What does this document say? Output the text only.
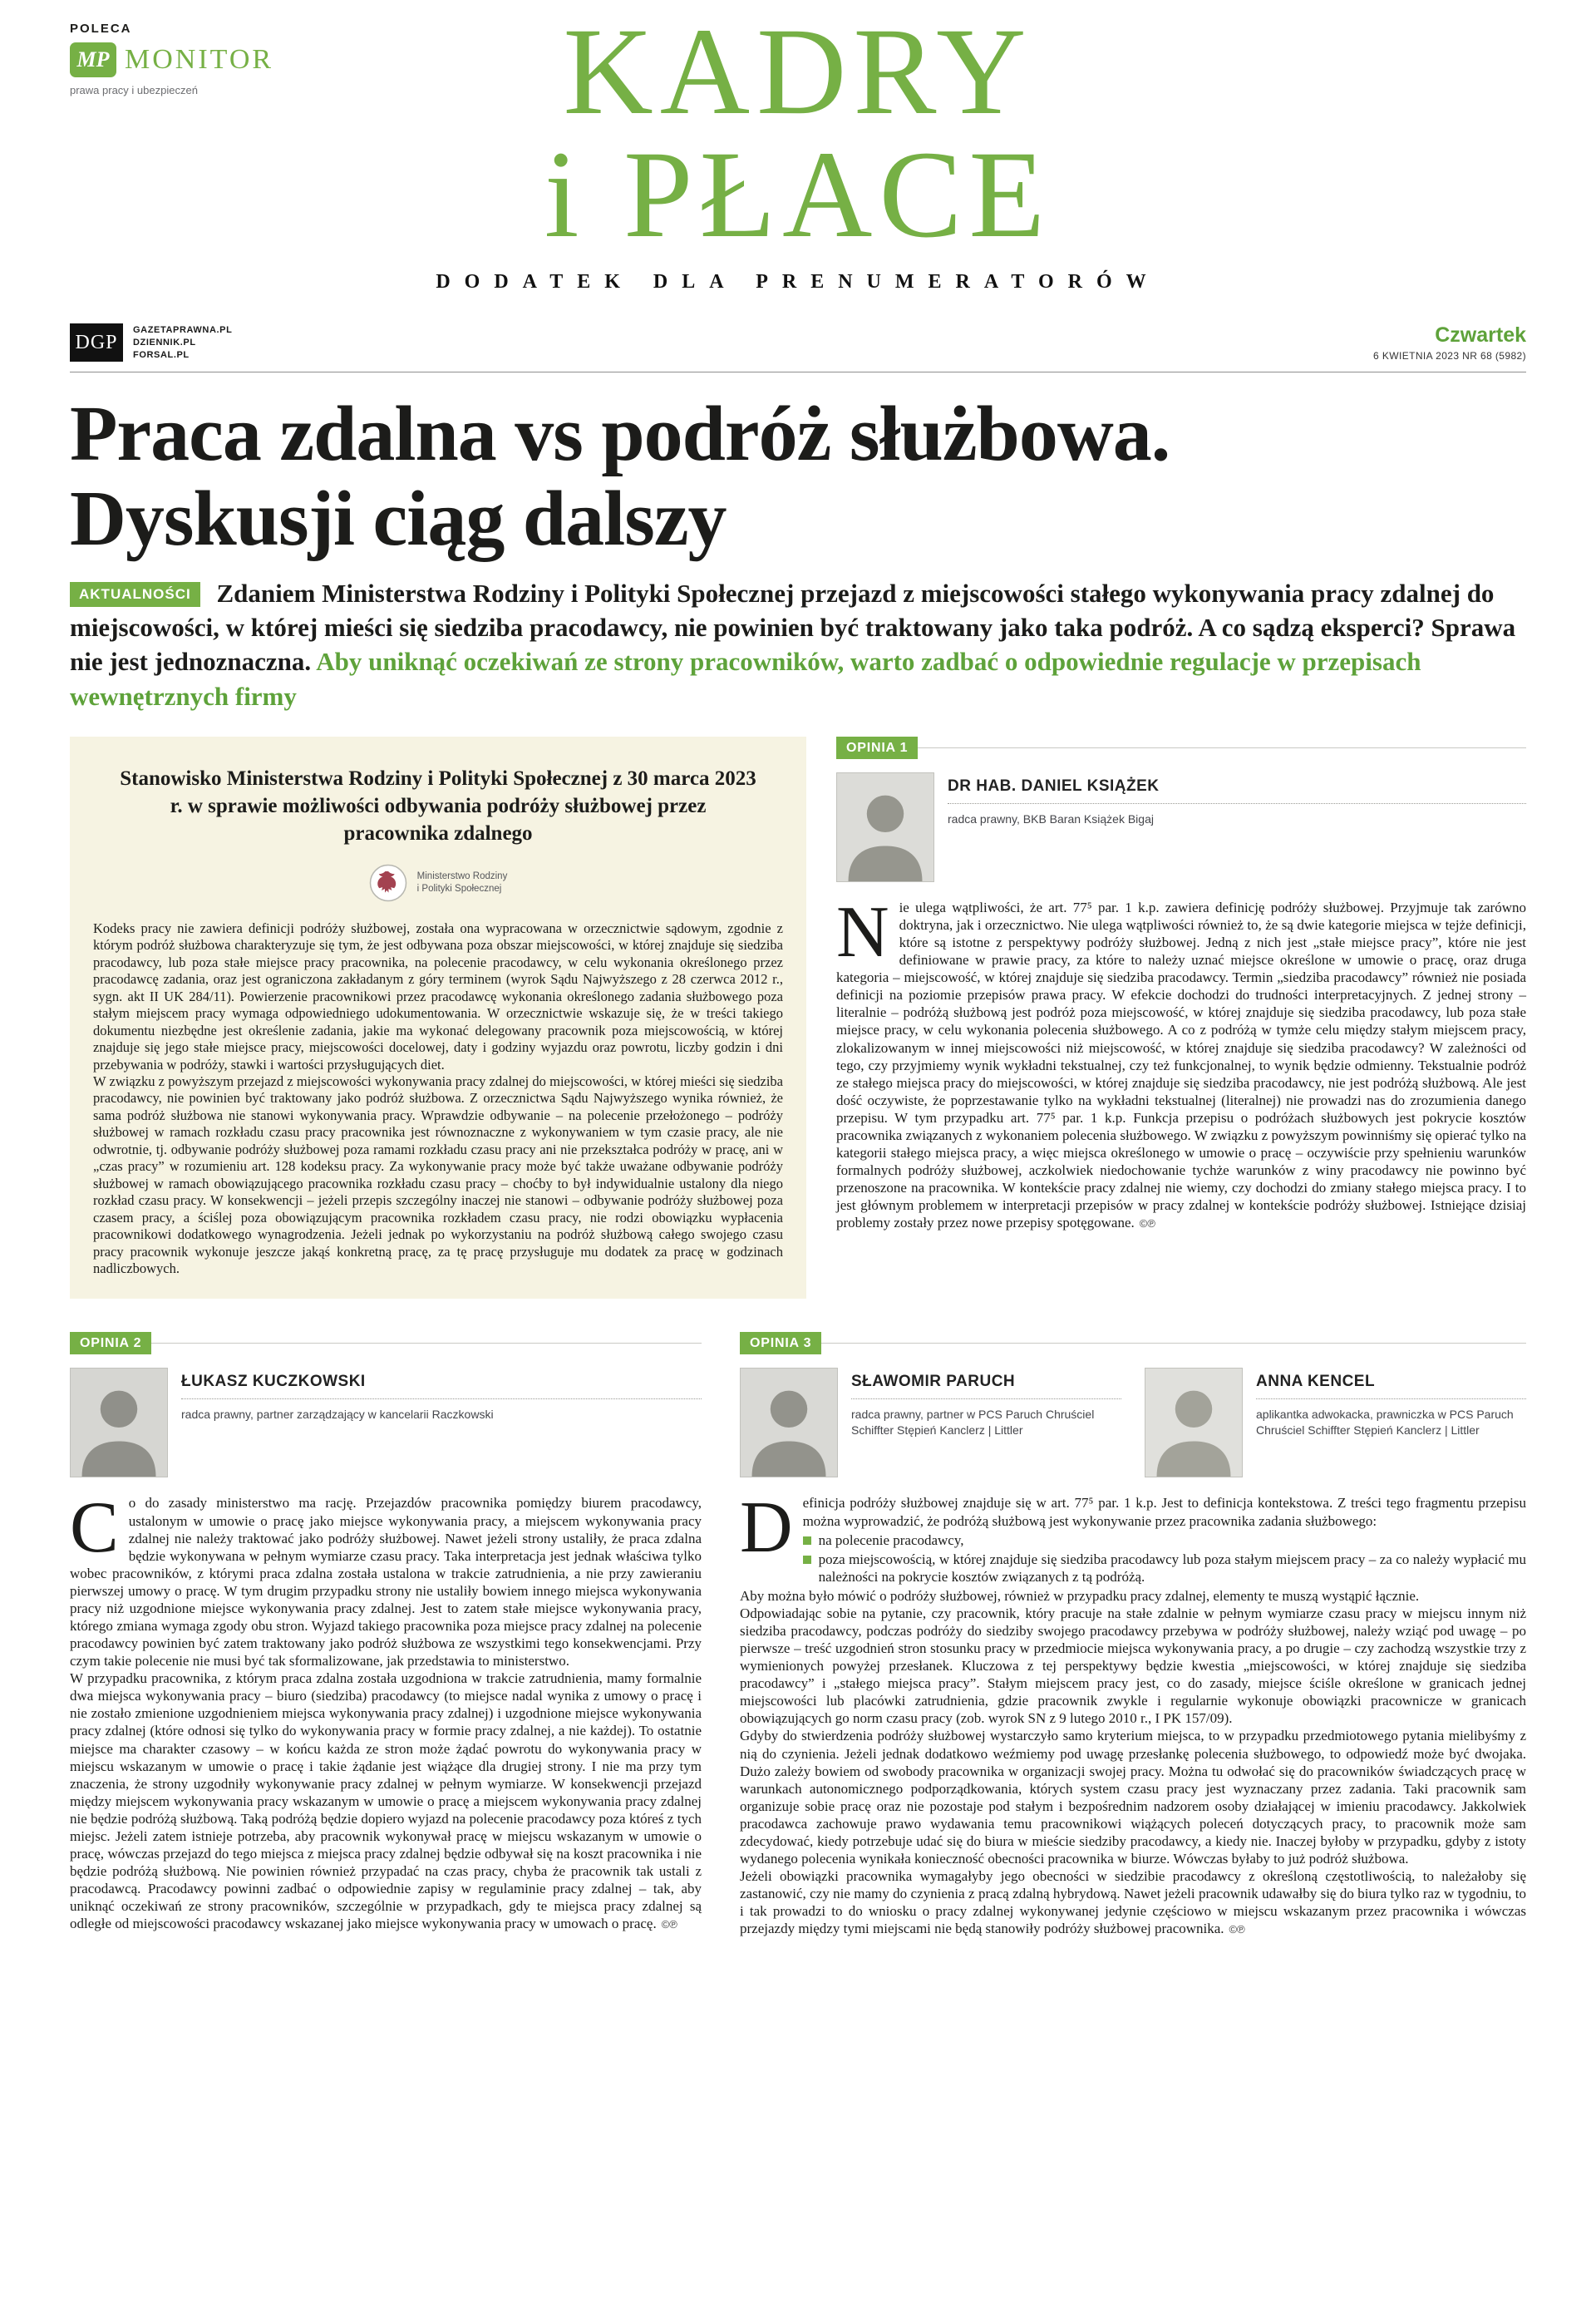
POLECA
MP MONITOR
prawa pracy i ubezpieczeń	KADRY
i PŁACE
DODATEK DLA PRENUMERATORÓW
DGP
GAZETAPRAWNA.PL
DZIENNIK.PL
FORSAL.PL
Czwartek
6 KWIETNIA 2023 NR 68 (5982)
Praca zdalna vs podróż służbowa.
Dyskusji ciąg dalszy

AKTUALNOŚCI Zdaniem Ministerstwa Rodziny i Polityki Społecznej przejazd z miejscowości stałego wykonywania pracy zdalnej do miejscowości, w której mieści się siedziba pracodawcy, nie powinien być traktowany jako taka podróż. A co sądzą eksperci? Sprawa nie jest jednoznaczna. Aby uniknąć oczekiwań ze strony pracowników, warto zadbać o odpowiednie regulacje w przepisach wewnętrznych firmy

Stanowisko Ministerstwa Rodziny i Polityki Społecznej z 30 marca 2023 r. w sprawie możliwości odbywania podróży służbowej przez pracownika zdalnego
Ministerstwo Rodziny
i Polityki Społecznej

Kodeks pracy nie zawiera definicji podróży służbowej, została ona wypracowana w orzecznictwie sądowym, zgodnie z którym podróż służbowa charakteryzuje się tym, że jest odbywana poza obszar miejscowości, w której znajduje się siedziba pracodawcy, lub poza stałe miejsce pracy pracownika, na polecenie pracodawcy, w celu wykonania określonego przez pracodawcę zadania, oraz jest ograniczona zakładanym z góry terminem (wyrok Sądu Najwyższego z 28 czerwca 2012 r., sygn. akt II UK 284/11). Powierzenie pracownikowi przez pracodawcę wykonania określonego zadania służbowego poza stałym miejscem pracy wymaga odpowiedniego udokumentowania. W orzecznictwie wskazuje się, że w treści takiego dokumentu niezbędne jest określenie zadania, jakie ma wykonać delegowany pracownik poza miejscowością, w której znajduje się jego stałe miejsce pracy, miejscowości docelowej, daty i godziny wyjazdu oraz powrotu, liczby godzin i dni przebywania w podróży, stawki i wartości przysługujących diet.

W związku z powyższym przejazd z miejscowości wykonywania pracy zdalnej do miejscowości, w której mieści się siedziba pracodawcy, nie powinien być traktowany jako podróż służbowa. Z orzecznictwa Sądu Najwyższego wynika również, że sama podróż służbowa nie stanowi wykonywania pracy. Wprawdzie odbywanie – na polecenie przełożonego – podróży służbowej w ramach rozkładu czasu pracy pracownika jest równoznaczne z wykonywaniem w tym czasie pracy, ale nie odwrotnie, tj. odbywanie podróży służbowej poza ramami rozkładu czasu pracy ani nie przekształca podróży w pracę, ani w „czas pracy” w rozumieniu art. 128 kodeksu pracy. Za wykonywanie pracy może być także uważane odbywanie podróży służbowej w ramach obowiązującego pracownika rozkładu czasu pracy – choćby to był indywidualnie ustalony dla niego rozkład czasu pracy. W konsekwencji – jeżeli przepis szczególny inaczej nie stanowi – odbywanie podróży służbowej poza czasem pracy, a ściślej poza obowiązującym pracownika rozkładem czasu pracy, nie rodzi obowiązku wypłacenia pracownikowi dodatkowego wynagrodzenia. Jeżeli jednak po wykorzystaniu na podróż służbową całego swojego czasu pracy pracownik wykonuje jeszcze jakąś konkretną pracę, za tę pracę przysługuje mu dodatek za pracę w godzinach nadliczbowych.

OPINIA 1
DR HAB. DANIEL KSIĄŻEK
radca prawny, BKB Baran Książek Bigaj

Nie ulega wątpliwości, że art. 77⁵ par. 1 k.p. zawiera definicję podróży służbowej. Przyjmuje tak zarówno doktryna, jak i orzecznictwo. Nie ulega wątpliwości również to, że są dwie kategorie miejsca w tejże definicji, które są istotne z perspektywy podróży służbowej. Jedną z nich jest „stałe miejsce pracy”, które nie jest definiowane w prawie pracy, za które to należy uznać miejsce określone w umowie o pracę, oraz druga kategoria – miejscowość, w której znajduje się siedziba pracodawcy. Termin „siedziba pracodawcy” również nie posiada definicji na poziomie przepisów prawa pracy. W efekcie dochodzi do trudności interpretacyjnych. Z jednej strony – literalnie – podróżą służbową jest podróż poza miejscowość, w której znajduje się siedziba pracodawcy, lub poza stałe miejsce pracy, w celu wykonania polecenia służbowego. A co z podróżą w tymże celu między stałym miejscem pracy, zlokalizowanym w innej miejscowości niż miejscowość, w której znajduje się siedziba pracodawcy? W zależności od tego, czy przyjmiemy wynik wykładni tekstualnej, czy też funkcjonalnej, to wynik będzie odmienny. Tekstualnie podróż ze stałego miejsca pracy do miejscowości, w której znajduje się siedziba pracodawcy, nie jest podróżą służbową. Ale jest dość oczywiste, że poprzestawanie tylko na wykładni tekstualnej (literalnej) nie prowadzi nas do zrozumienia danego przepisu. W tym przypadku art. 77⁵ par. 1 k.p. Funkcja przepisu o podróżach służbowych jest pokrycie kosztów pracownika związanych z wykonaniem polecenia służbowego. W związku z powyższym powinniśmy się opierać tylko na kategorii stałego miejsca pracy, a więc miejsca określonego w umowie o pracę – oczywiście przy spełnieniu warunków formalnych podróży służbowej, aczkolwiek niedochowanie tychże warunków z winy pracodawcy nie powinno być przenoszone na pracownika. W kontekście pracy zdalnej nie wiemy, czy dochodzi do zmiany stałego miejsca pracy. I to jest głównym problemem w interpretacji przepisów w pracy zdalnej w kontekście podróży służbowej. Istniejące dzisiaj problemy zostały przez nowe przepisy spotęgowane. ©℗

OPINIA 2
ŁUKASZ KUCZKOWSKI
radca prawny, partner zarządzający w kancelarii Raczkowski

Co do zasady ministerstwo ma rację. Przejazdów pracownika pomiędzy biurem pracodawcy, ustalonym w umowie o pracę jako miejsce wykonywania pracy, a miejscem wykonywania pracy zdalnej nie należy traktować jako podróży służbowej. Nawet jeżeli strony ustaliły, że praca zdalna będzie wykonywana w pełnym wymiarze czasu pracy. Taka interpretacja jest jednak właściwa tylko wobec pracowników, z którymi praca zdalna została ustalona w trakcie zatrudnienia, a nie przy zawieraniu pierwszej umowy o pracę. W tym drugim przypadku strony nie ustaliły bowiem innego miejsca wykonywania pracy niż uzgodnione miejsce wykonywania pracy zdalnej. Jest to zatem stałe miejsce wykonywania pracy, którego zmiana wymaga zgody obu stron. Wyjazd takiego pracownika poza miejsce pracy zdalnej na polecenie pracodawcy powinien być zatem traktowany jako podróż służbowa ze wszystkimi tego konsekwencjami. Przy czym takie polecenie nie musi być tak sformalizowane, jak przedstawia to ministerstwo.

W przypadku pracownika, z którym praca zdalna została uzgodniona w trakcie zatrudnienia, mamy formalnie dwa miejsca wykonywania pracy – biuro (siedziba) pracodawcy (to miejsce nadal wynika z umowy o pracę i nie zostało zmienione uzgodnieniem miejsca wykonywania pracy zdalnej) i uzgodnione miejsce wykonywania pracy zdalnej (które odnosi się tylko do wykonywania pracy w formie pracy zdalnej, a nie każdej). To ostatnie miejsce ma charakter czasowy – w końcu każda ze stron może żądać powrotu do wykonywania pracy w miejscu wskazanym w umowie o pracę i takie żądanie jest wiążące dla drugiej strony. I nie ma przy tym znaczenia, że strony uzgodniły wykonywanie pracy zdalnej w pełnym wymiarze. W konsekwencji przejazd między miejscem wykonywania pracy wskazanym w umowie o pracę a miejscem wykonywania pracy zdalnej nie będzie podróżą służbową. Taką podróżą będzie dopiero wyjazd na polecenie pracodawcy poza któreś z tych miejsc. Jeżeli zatem istnieje potrzeba, aby pracownik wykonywał pracę w miejscu wskazanym w umowie o pracę, wówczas przejazd do tego miejsca z miejsca pracy zdalnej będzie odbywał się na koszt pracownika i nie będzie podróżą służbową. Nie powinien również przypadać na czas pracy, chyba że pracownik tak ustali z pracodawcą. Pracodawcy powinni zadbać o odpowiednie zapisy w regulaminie pracy zdalnej – tak, aby uniknąć oczekiwań ze strony pracowników, szczególnie w przypadkach, gdy te miejsca pracy zdalnej są odległe od miejscowości pracodawcy wskazanej jako miejsce wykonywania pracy w umowach o pracę. ©℗

OPINIA 3
SŁAWOMIR PARUCH
radca prawny, partner w PCS Paruch Chruściel Schiffter Stępień Kanclerz | Littler
ANNA KENCEL
aplikantka adwokacka, prawniczka w PCS Paruch Chruściel Schiffter Stępień Kanclerz | Littler

Definicja podróży służbowej znajduje się w art. 77⁵ par. 1 k.p. Jest to definicja kontekstowa. Z treści tego fragmentu przepisu można wyprowadzić, że podróżą służbową jest wykonywanie przez pracownika zadania służbowego:

na polecenie pracodawcy,
poza miejscowością, w której znajduje się siedziba pracodawcy lub poza stałym miejscem pracy – za co należy wypłacić mu należności na pokrycie kosztów związanych z tą podróżą.

Aby można było mówić o podróży służbowej, również w przypadku pracy zdalnej, elementy te muszą wystąpić łącznie.

Odpowiadając sobie na pytanie, czy pracownik, który pracuje na stałe zdalnie w pełnym wymiarze czasu pracy w miejscu innym niż siedziba pracodawcy, podczas podróży do siedziby swojego pracodawcy przebywa w podróży służbowej, należy wziąć pod uwagę – po pierwsze – treść uzgodnień stron stosunku pracy w przedmiocie miejsca wykonywania pracy, a po drugie – czy zachodzą wszystkie trzy z wymienionych powyżej przesłanek. Kluczowa z tej perspektywy będzie kwestia „miejscowości, w której znajduje się siedziba pracodawcy” i „stałego miejsca pracy”. Stałym miejscem pracy jest, co do zasady, miejsce ściśle określone w granicach jednej miejscowości lub placówki zatrudnienia, gdzie pracownik zwykle i regularnie wykonuje obowiązki pracownicze w granicach obowiązujących go norm czasu pracy (zob. wyrok SN z 9 lutego 2010 r., I PK 157/09).

Gdyby do stwierdzenia podróży służbowej wystarczyło samo kryterium miejsca, to w przypadku przedmiotowego pytania mielibyśmy z nią do czynienia. Jeżeli jednak dodatkowo weźmiemy pod uwagę przesłankę polecenia służbowego, to odpowiedź może być dwojaka. Dużo zależy bowiem od swobody pracownika w organizacji swojej pracy. Można tu odwołać się do pracowników świadczących pracę w warunkach autonomicznego podporządkowania, których system czasu pracy jest wyznaczany przez zadania. Taki pracownik sam organizuje sobie pracę oraz nie pozostaje pod stałym i bezpośrednim nadzorem osoby działającej w imieniu pracodawcy. Jakkolwiek pracodawca zachowuje prawo wydawania temu pracownikowi wiążących poleceń dotyczących pracy, to pracownik może sam zdecydować, kiedy potrzebuje udać się do biura w mieście siedziby pracodawcy, a kiedy nie. Inaczej byłoby w przypadku, gdyby z istoty wydanego polecenia wynikała konieczność obecności pracownika w biurze. Wówczas byłaby to już podróż służbowa.

Jeżeli obowiązki pracownika wymagałyby jego obecności w siedzibie pracodawcy z określoną częstotliwością, to należałoby się zastanowić, czy nie mamy do czynienia z pracą zdalną hybrydową. Nawet jeżeli pracownik udawałby się do biura tylko raz w tygodniu, to i tak prowadzi to do wniosku o pracy zdalnej wykonywanej jedynie częściowo w miejscu wskazanym przez pracownika i wówczas przejazdy między tymi miejscami nie będą stanowiły podróży służbowej pracownika. ©℗
